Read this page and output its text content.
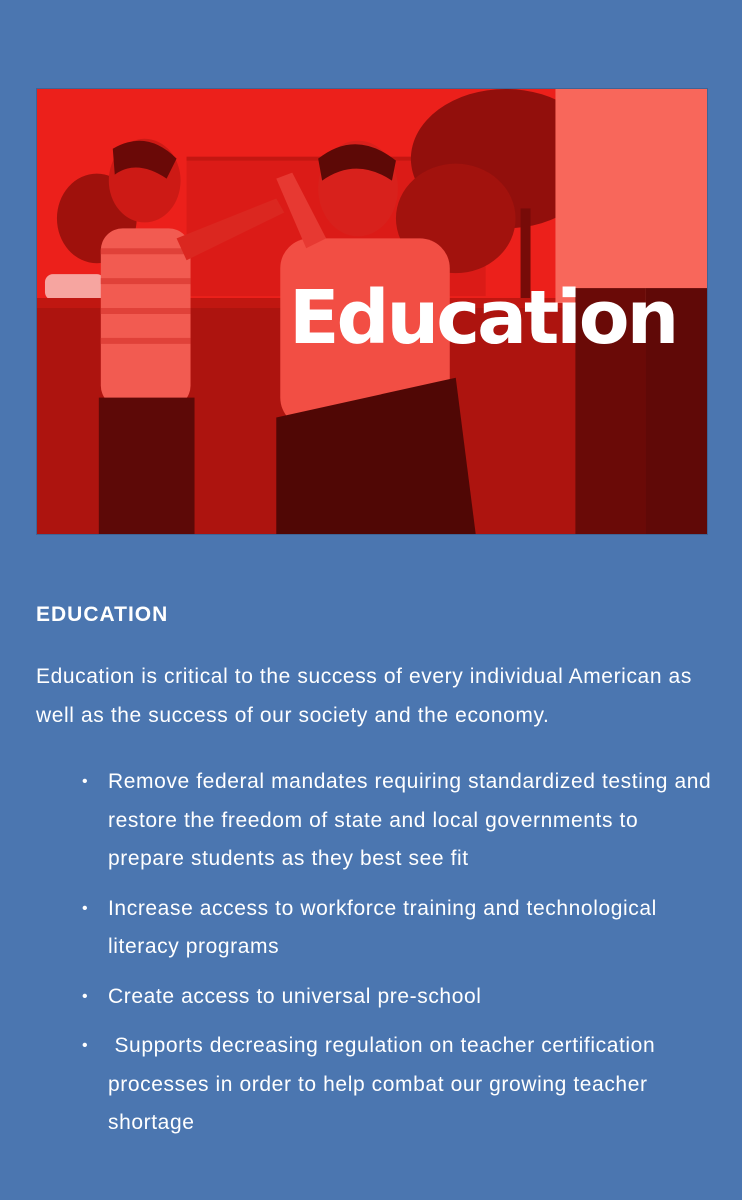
Education
EDUCATION

Education is critical to the success of every individual American as well as the success of our society and the economy.

• Remove federal mandates requiring standardized testing and restore the freedom of state and local governments to prepare students as they best see fit
• Increase access to workforce training and technological literacy programs
• Create access to universal pre-school
• Supports decreasing regulation on teacher certification processes in order to help combat our growing teacher shortage
